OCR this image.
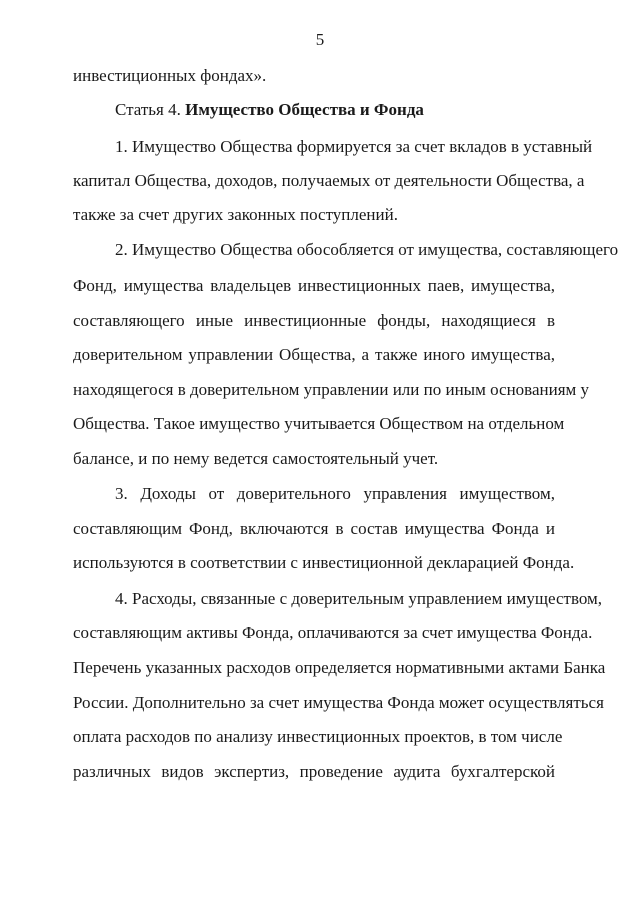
5
инвестиционных фондах».
Статья 4. Имущество Общества и Фонда
1. Имущество Общества формируется за счет вкладов в уставный
капитал Общества, доходов, получаемых от деятельности Общества, а
также за счет других законных поступлений.
2. Имущество Общества обособляется от имущества, составляющего
Фонд, имущества владельцев инвестиционных паев, имущества,
составляющего иные инвестиционные фонды, находящиеся в
доверительном управлении Общества, а также иного имущества,
находящегося в доверительном управлении или по иным основаниям у
Общества. Такое имущество учитывается Обществом на отдельном
балансе, и по нему ведется самостоятельный учет.
3. Доходы от доверительного управления имуществом,
составляющим Фонд, включаются в состав имущества Фонда и
используются в соответствии с инвестиционной декларацией Фонда.
4. Расходы, связанные с доверительным управлением имуществом,
составляющим активы Фонда, оплачиваются за счет имущества Фонда.
Перечень указанных расходов определяется нормативными актами Банка
России. Дополнительно за счет имущества Фонда может осуществляться
оплата расходов по анализу инвестиционных проектов, в том числе
различных видов экспертиз, проведение аудита бухгалтерской
